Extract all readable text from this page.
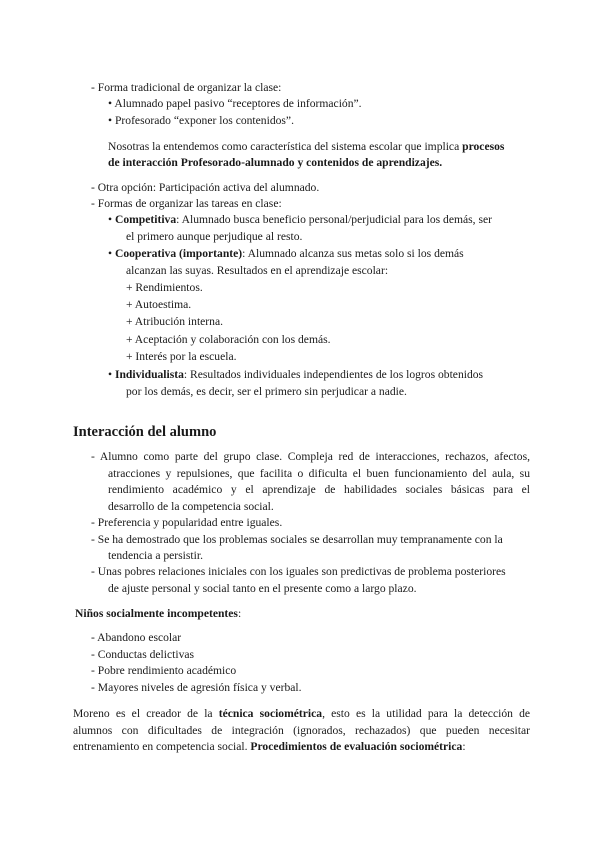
- Forma tradicional de organizar la clase:
• Alumnado papel pasivo “receptores de información”.
• Profesorado “exponer los contenidos”.
Nosotras la entendemos como característica del sistema escolar que implica procesos
de interacción Profesorado-alumnado y contenidos de aprendizajes.
- Otra opción: Participación activa del alumnado.
- Formas de organizar las tareas en clase:
• Competitiva: Alumnado busca beneficio personal/perjudicial para los demás, ser
el primero aunque perjudique al resto.
• Cooperativa (importante): Alumnado alcanza sus metas solo si los demás
alcanzan las suyas. Resultados en el aprendizaje escolar:
+ Rendimientos.
+ Autoestima.
+ Atribución interna.
+ Aceptación y colaboración con los demás.
+ Interés por la escuela.
• Individualista: Resultados individuales independientes de los logros obtenidos
por los demás, es decir, ser el primero sin perjudicar a nadie.
Interacción del alumno
- Alumno como parte del grupo clase. Compleja red de interacciones, rechazos, afectos,
atracciones y repulsiones, que facilita o dificulta el buen funcionamiento del aula, su
rendimiento académico y el aprendizaje de habilidades sociales básicas para el
desarrollo de la competencia social.
- Preferencia y popularidad entre iguales.
- Se ha demostrado que los problemas sociales se desarrollan muy tempranamente con la
tendencia a persistir.
- Unas pobres relaciones iniciales con los iguales son predictivas de problema posteriores
de ajuste personal y social tanto en el presente como a largo plazo.
Niños socialmente incompetentes:
- Abandono escolar
- Conductas delictivas
- Pobre rendimiento académico
- Mayores niveles de agresión física y verbal.
Moreno es el creador de la técnica sociométrica, esto es la utilidad para la detección de
alumnos con dificultades de integración (ignorados, rechazados) que pueden necesitar
entrenamiento en competencia social. Procedimientos de evaluación sociométrica:
